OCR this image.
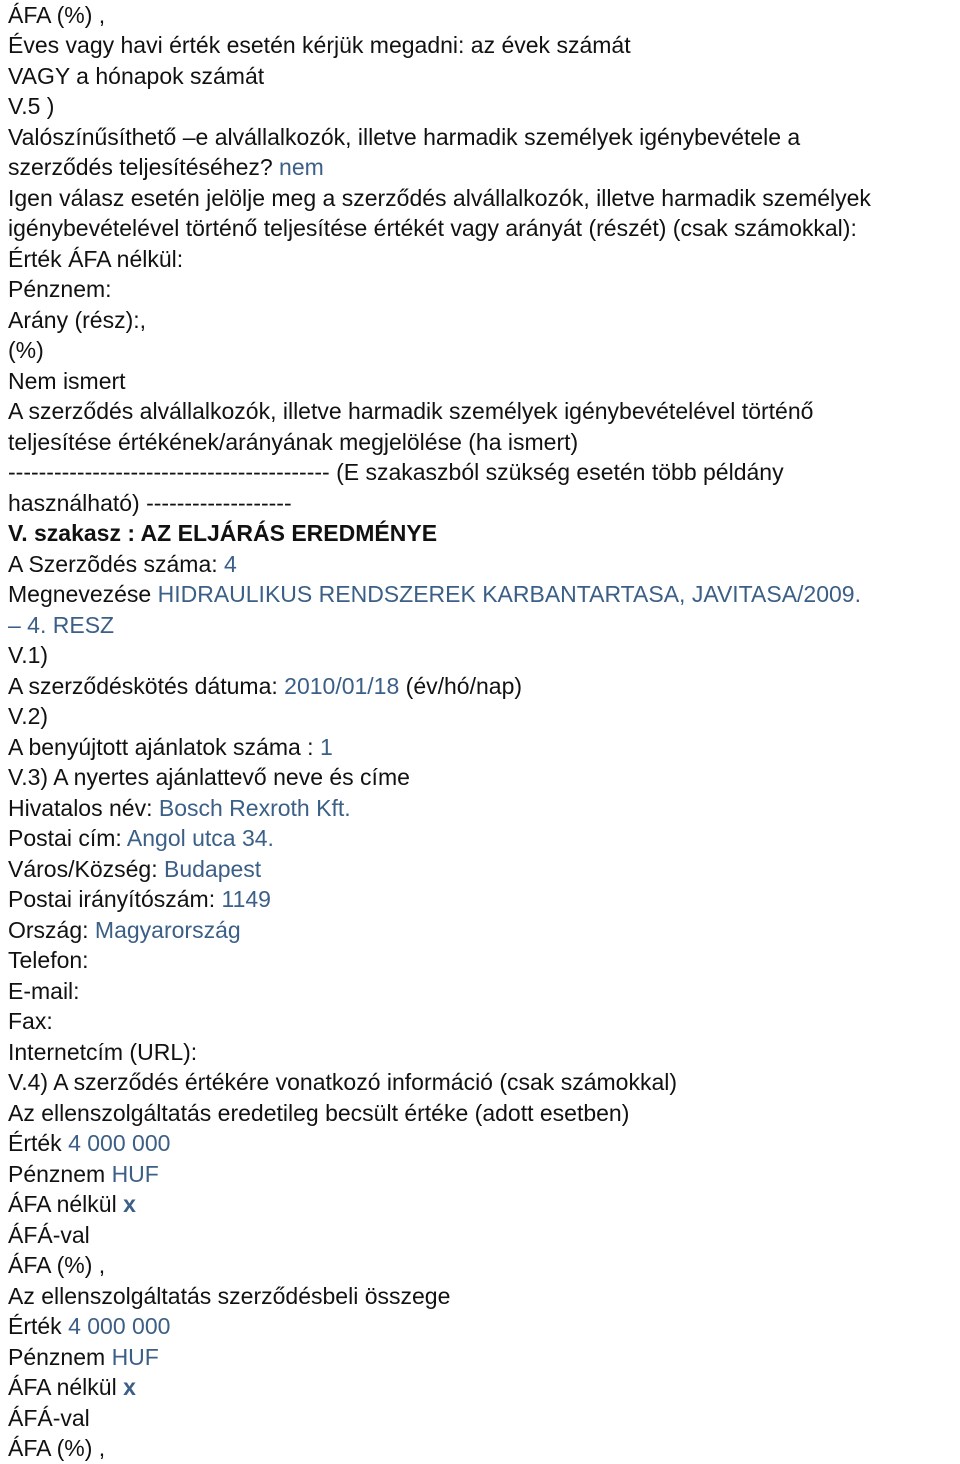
ÁFA (%) ,
Éves vagy havi érték esetén kérjük megadni: az évek számát
VAGY a hónapok számát
V.5 )
Valószínűsíthető –e alvállalkozók, illetve harmadik személyek igénybevétele a
szerződés teljesítéséhez? nem
Igen válasz esetén jelölje meg a szerződés alvállalkozók, illetve harmadik személyek
igénybevételével történő teljesítése értékét vagy arányát (részét) (csak számokkal):
Érték ÁFA nélkül:
Pénznem:
Arány (rész):,
(%)
Nem ismert
A szerződés alvállalkozók, illetve harmadik személyek igénybevételével történő
teljesítése értékének/arányának megjelölése (ha ismert)
------------------------------------------ (E szakaszból szükség esetén több példány
használható) -------------------
V. szakasz : AZ ELJÁRÁS EREDMÉNYE
A Szerzõdés száma: 4
Megnevezése HIDRAULIKUS RENDSZEREK KARBANTARTASA, JAVITASA/2009.
– 4. RESZ
V.1)
A szerződéskötés dátuma: 2010/01/18 (év/hó/nap)
V.2)
A benyújtott ajánlatok száma : 1
V.3) A nyertes ajánlattevő neve és címe
Hivatalos név: Bosch Rexroth Kft.
Postai cím: Angol utca 34.
Város/Község: Budapest
Postai irányítószám: 1149
Ország: Magyarország
Telefon:
E-mail:
Fax:
Internetcím (URL):
V.4) A szerződés értékére vonatkozó információ (csak számokkal)
Az ellenszolgáltatás eredetileg becsült értéke (adott esetben)
Érték 4 000 000
Pénznem HUF
ÁFA nélkül x
ÁFÁ-val
ÁFA (%) ,
Az ellenszolgáltatás szerződésbeli összege
Érték 4 000 000
Pénznem HUF
ÁFA nélkül x
ÁFÁ-val
ÁFA (%) ,
